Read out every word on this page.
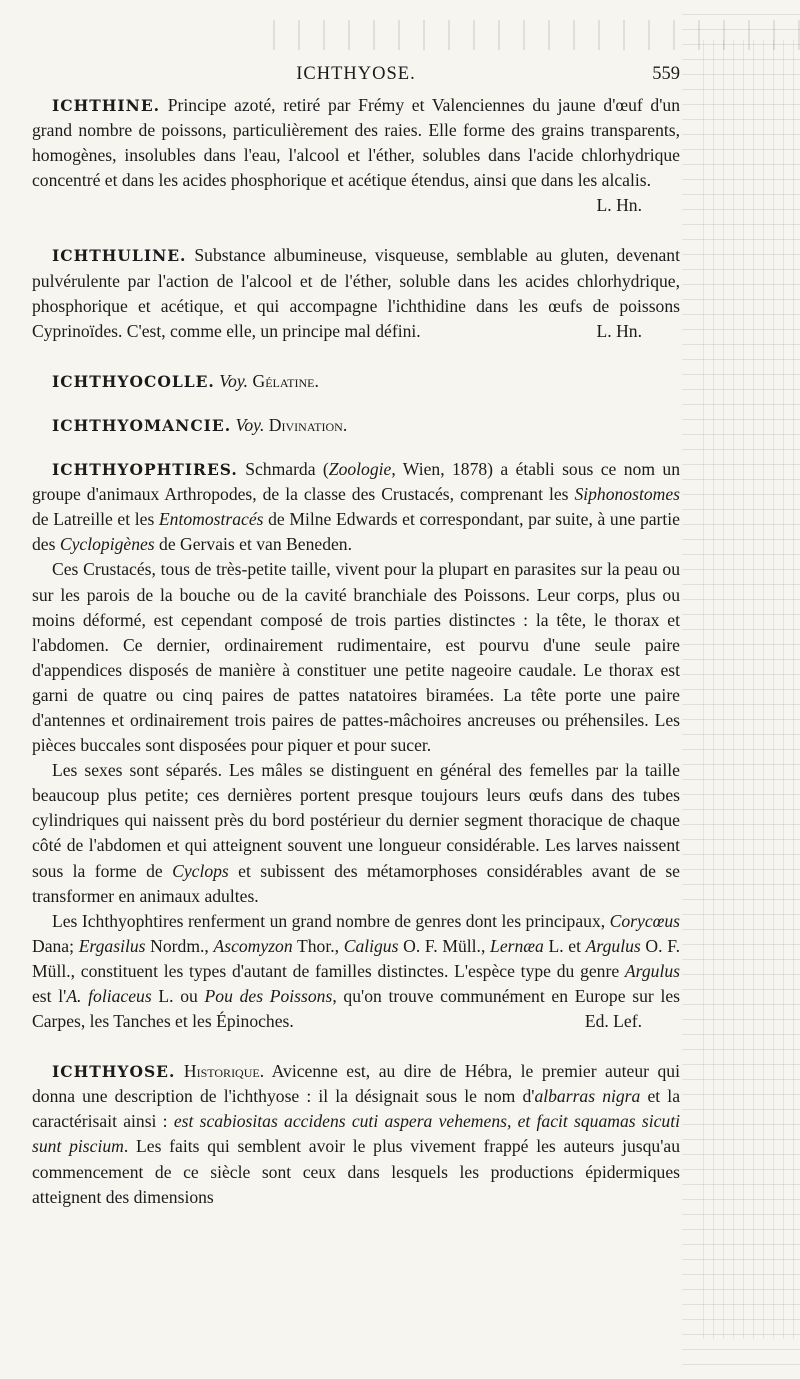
ICHTHYOSE.	559

ICHTHINE. Principe azoté, retiré par Frémy et Valenciennes du jaune d'œuf d'un grand nombre de poissons, particulièrement des raies. Elle forme des grains transparents, homogènes, insolubles dans l'eau, l'alcool et l'éther, solubles dans l'acide chlorhydrique concentré et dans les acides phosphorique et acétique étendus, ainsi que dans les alcalis.
L. Hn.

ICHTHULINE. Substance albumineuse, visqueuse, semblable au gluten, devenant pulvérulente par l'action de l'alcool et de l'éther, soluble dans les acides chlorhydrique, phosphorique et acétique, et qui accompagne l'ichthidine dans les œufs de poissons Cyprinoïdes. C'est, comme elle, un principe mal défini.	L. Hn.

ICHTHYOCOLLE. Voy. Gélatine.

ICHTHYOMANCIE. Voy. Divination.

ICHTHYOPHTIRES. Schmarda (Zoologie, Wien, 1878) a établi sous ce nom un groupe d'animaux Arthropodes, de la classe des Crustacés, comprenant les Siphonostomes de Latreille et les Entomostracés de Milne Edwards et correspondant, par suite, à une partie des Cyclopigènes de Gervais et van Beneden.

Ces Crustacés, tous de très-petite taille, vivent pour la plupart en parasites sur la peau ou sur les parois de la bouche ou de la cavité branchiale des Poissons. Leur corps, plus ou moins déformé, est cependant composé de trois parties distinctes : la tête, le thorax et l'abdomen. Ce dernier, ordinairement rudimentaire, est pourvu d'une seule paire d'appendices disposés de manière à constituer une petite nageoire caudale. Le thorax est garni de quatre ou cinq paires de pattes natatoires biramées. La tête porte une paire d'antennes et ordinairement trois paires de pattes-mâchoires ancreuses ou préhensiles. Les pièces buccales sont disposées pour piquer et pour sucer.

Les sexes sont séparés. Les mâles se distinguent en général des femelles par la taille beaucoup plus petite; ces dernières portent presque toujours leurs œufs dans des tubes cylindriques qui naissent près du bord postérieur du dernier segment thoracique de chaque côté de l'abdomen et qui atteignent souvent une longueur considérable. Les larves naissent sous la forme de Cyclops et subissent des métamorphoses considérables avant de se transformer en animaux adultes.

Les Ichthyophtires renferment un grand nombre de genres dont les principaux, Corycœus Dana; Ergasilus Nordm., Ascomyzon Thor., Caligus O. F. Müll., Lernæa L. et Argulus O. F. Müll., constituent les types d'autant de familles distinctes. L'espèce type du genre Argulus est l'A. foliaceus L. ou Pou des Poissons, qu'on trouve communément en Europe sur les Carpes, les Tanches et les Épinoches.	Ed. Lef.

ICHTHYOSE. Historique. Avicenne est, au dire de Hébra, le premier auteur qui donna une description de l'ichthyose : il la désignait sous le nom d'albarras nigra et la caractérisait ainsi : est scabiositas accidens cuti aspera vehemens, et facit squamas sicuti sunt piscium. Les faits qui semblent avoir le plus vivement frappé les auteurs jusqu'au commencement de ce siècle sont ceux dans lesquels les productions épidermiques atteignent des dimensions
